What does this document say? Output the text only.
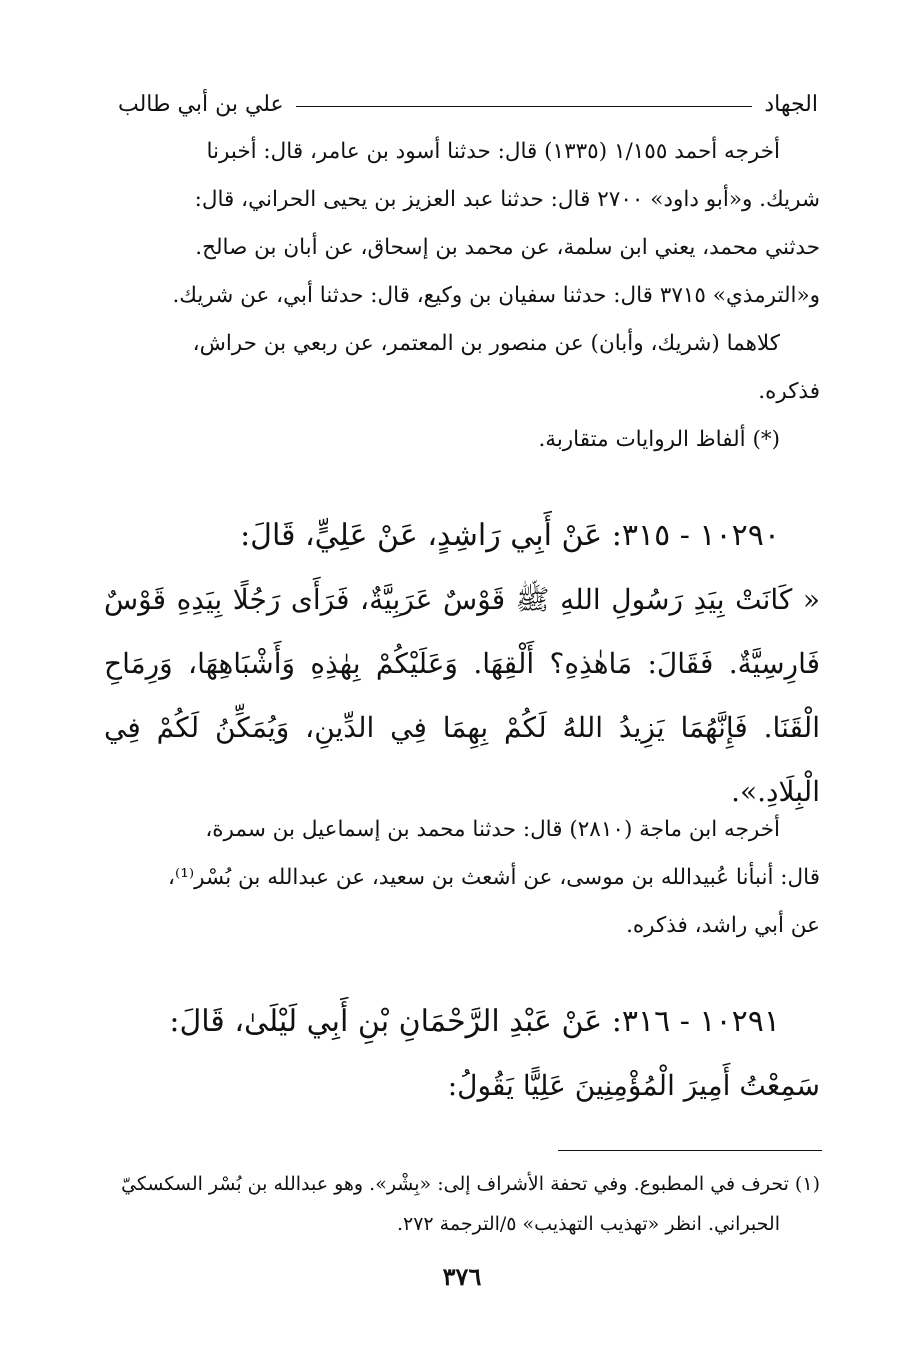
الجهاد
علي بن أبي طالب

أخرجه أحمد ١/١٥٥ (١٣٣٥) قال: حدثنا أسود بن عامر، قال: أخبرنا

شريك. و«أبو داود» ٢٧٠٠ قال: حدثنا عبد العزيز بن يحيى الحراني، قال:

حدثني محمد، يعني ابن سلمة، عن محمد بن إسحاق، عن أبان بن صالح.

و«الترمذي» ٣٧١٥ قال: حدثنا سفيان بن وكيع، قال: حدثنا أبي، عن شريك.

كلاهما (شريك، وأبان) عن منصور بن المعتمر، عن ربعي بن حراش،

فذكره.

(*) ألفاظ الروايات متقاربة.

١٠٢٩٠ - ٣١٥: عَنْ أَبِي رَاشِدٍ، عَنْ عَلِيٍّ، قَالَ:

« كَانَتْ بِيَدِ رَسُولِ اللهِ ﷺ قَوْسٌ عَرَبِيَّةٌ، فَرَأَى رَجُلًا بِيَدِهِ قَوْسٌ فَارِسِيَّةٌ. فَقَالَ: مَاهٰذِهِ؟ أَلْقِهَا. وَعَلَيْكُمْ بِهٰذِهِ وَأَشْبَاهِهَا، وَرِمَاحِ الْقَنَا. فَإِنَّهُمَا يَزِيدُ اللهُ لَكُمْ بِهِمَا فِي الدِّينِ، وَيُمَكِّنُ لَكُمْ فِي الْبِلَادِ.».

أخرجه ابن ماجة (٢٨١٠) قال: حدثنا محمد بن إسماعيل بن سمرة،

قال: أنبأنا عُبيدالله بن موسى، عن أشعث بن سعيد، عن عبدالله بن بُسْر⁽¹⁾،

عن أبي راشد، فذكره.

١٠٢٩١ - ٣١٦: عَنْ عَبْدِ الرَّحْمَانِ بْنِ أَبِي لَيْلَىٰ، قَالَ:

سَمِعْتُ أَمِيرَ الْمُؤْمِنِينَ عَلِيًّا يَقُولُ:

(١) تحرف في المطبوع. وفي تحفة الأشراف إلى: «بِشْر». وهو عبدالله بن بُسْر السكسكيّ

الحبراني. انظر «تهذيب التهذيب» ٥/الترجمة ٢٧٢.

٣٧٦
